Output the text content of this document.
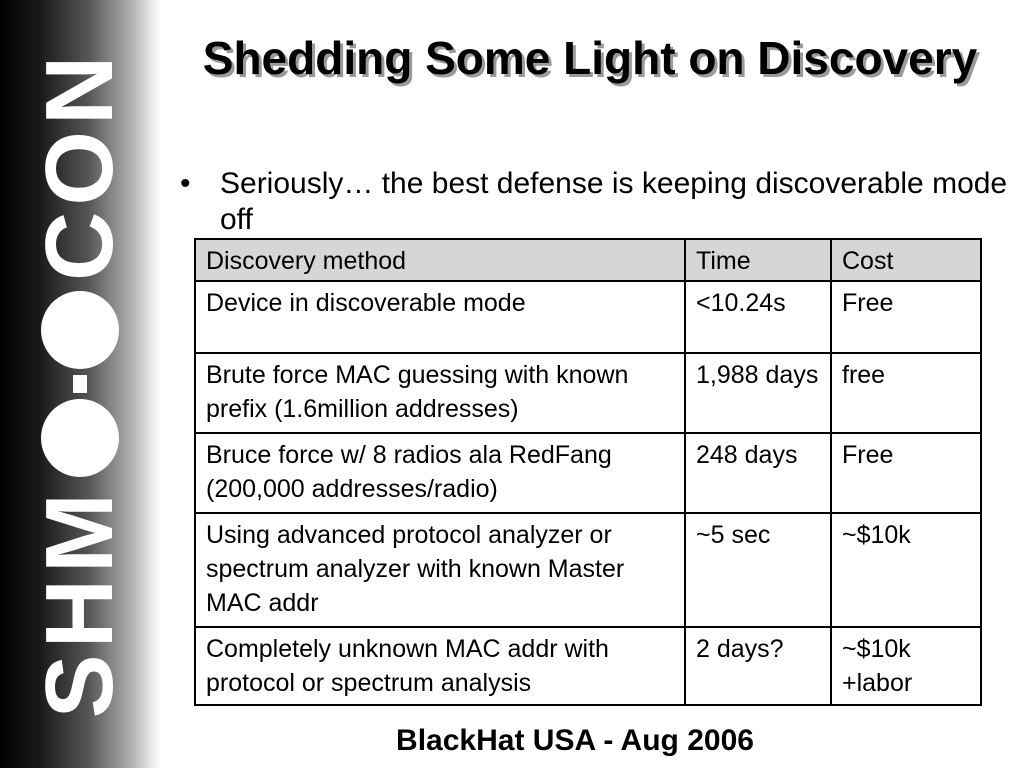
SHM
CON	Shedding Some Light on Discovery
• Seriously… the best defense is keeping discoverable mode off
Discovery method	Time	Cost
Device in discoverable mode	<10.24s	Free
Brute force MAC guessing with known prefix (1.6million addresses)	1,988 days	free
Bruce force w/ 8 radios ala RedFang (200,000 addresses/radio)	248 days	Free
Using advanced protocol analyzer or spectrum analyzer with known Master MAC addr	~5 sec	~$10k
Completely unknown MAC addr with protocol or spectrum analysis	2 days?	~$10k +labor
BlackHat USA - Aug 2006
